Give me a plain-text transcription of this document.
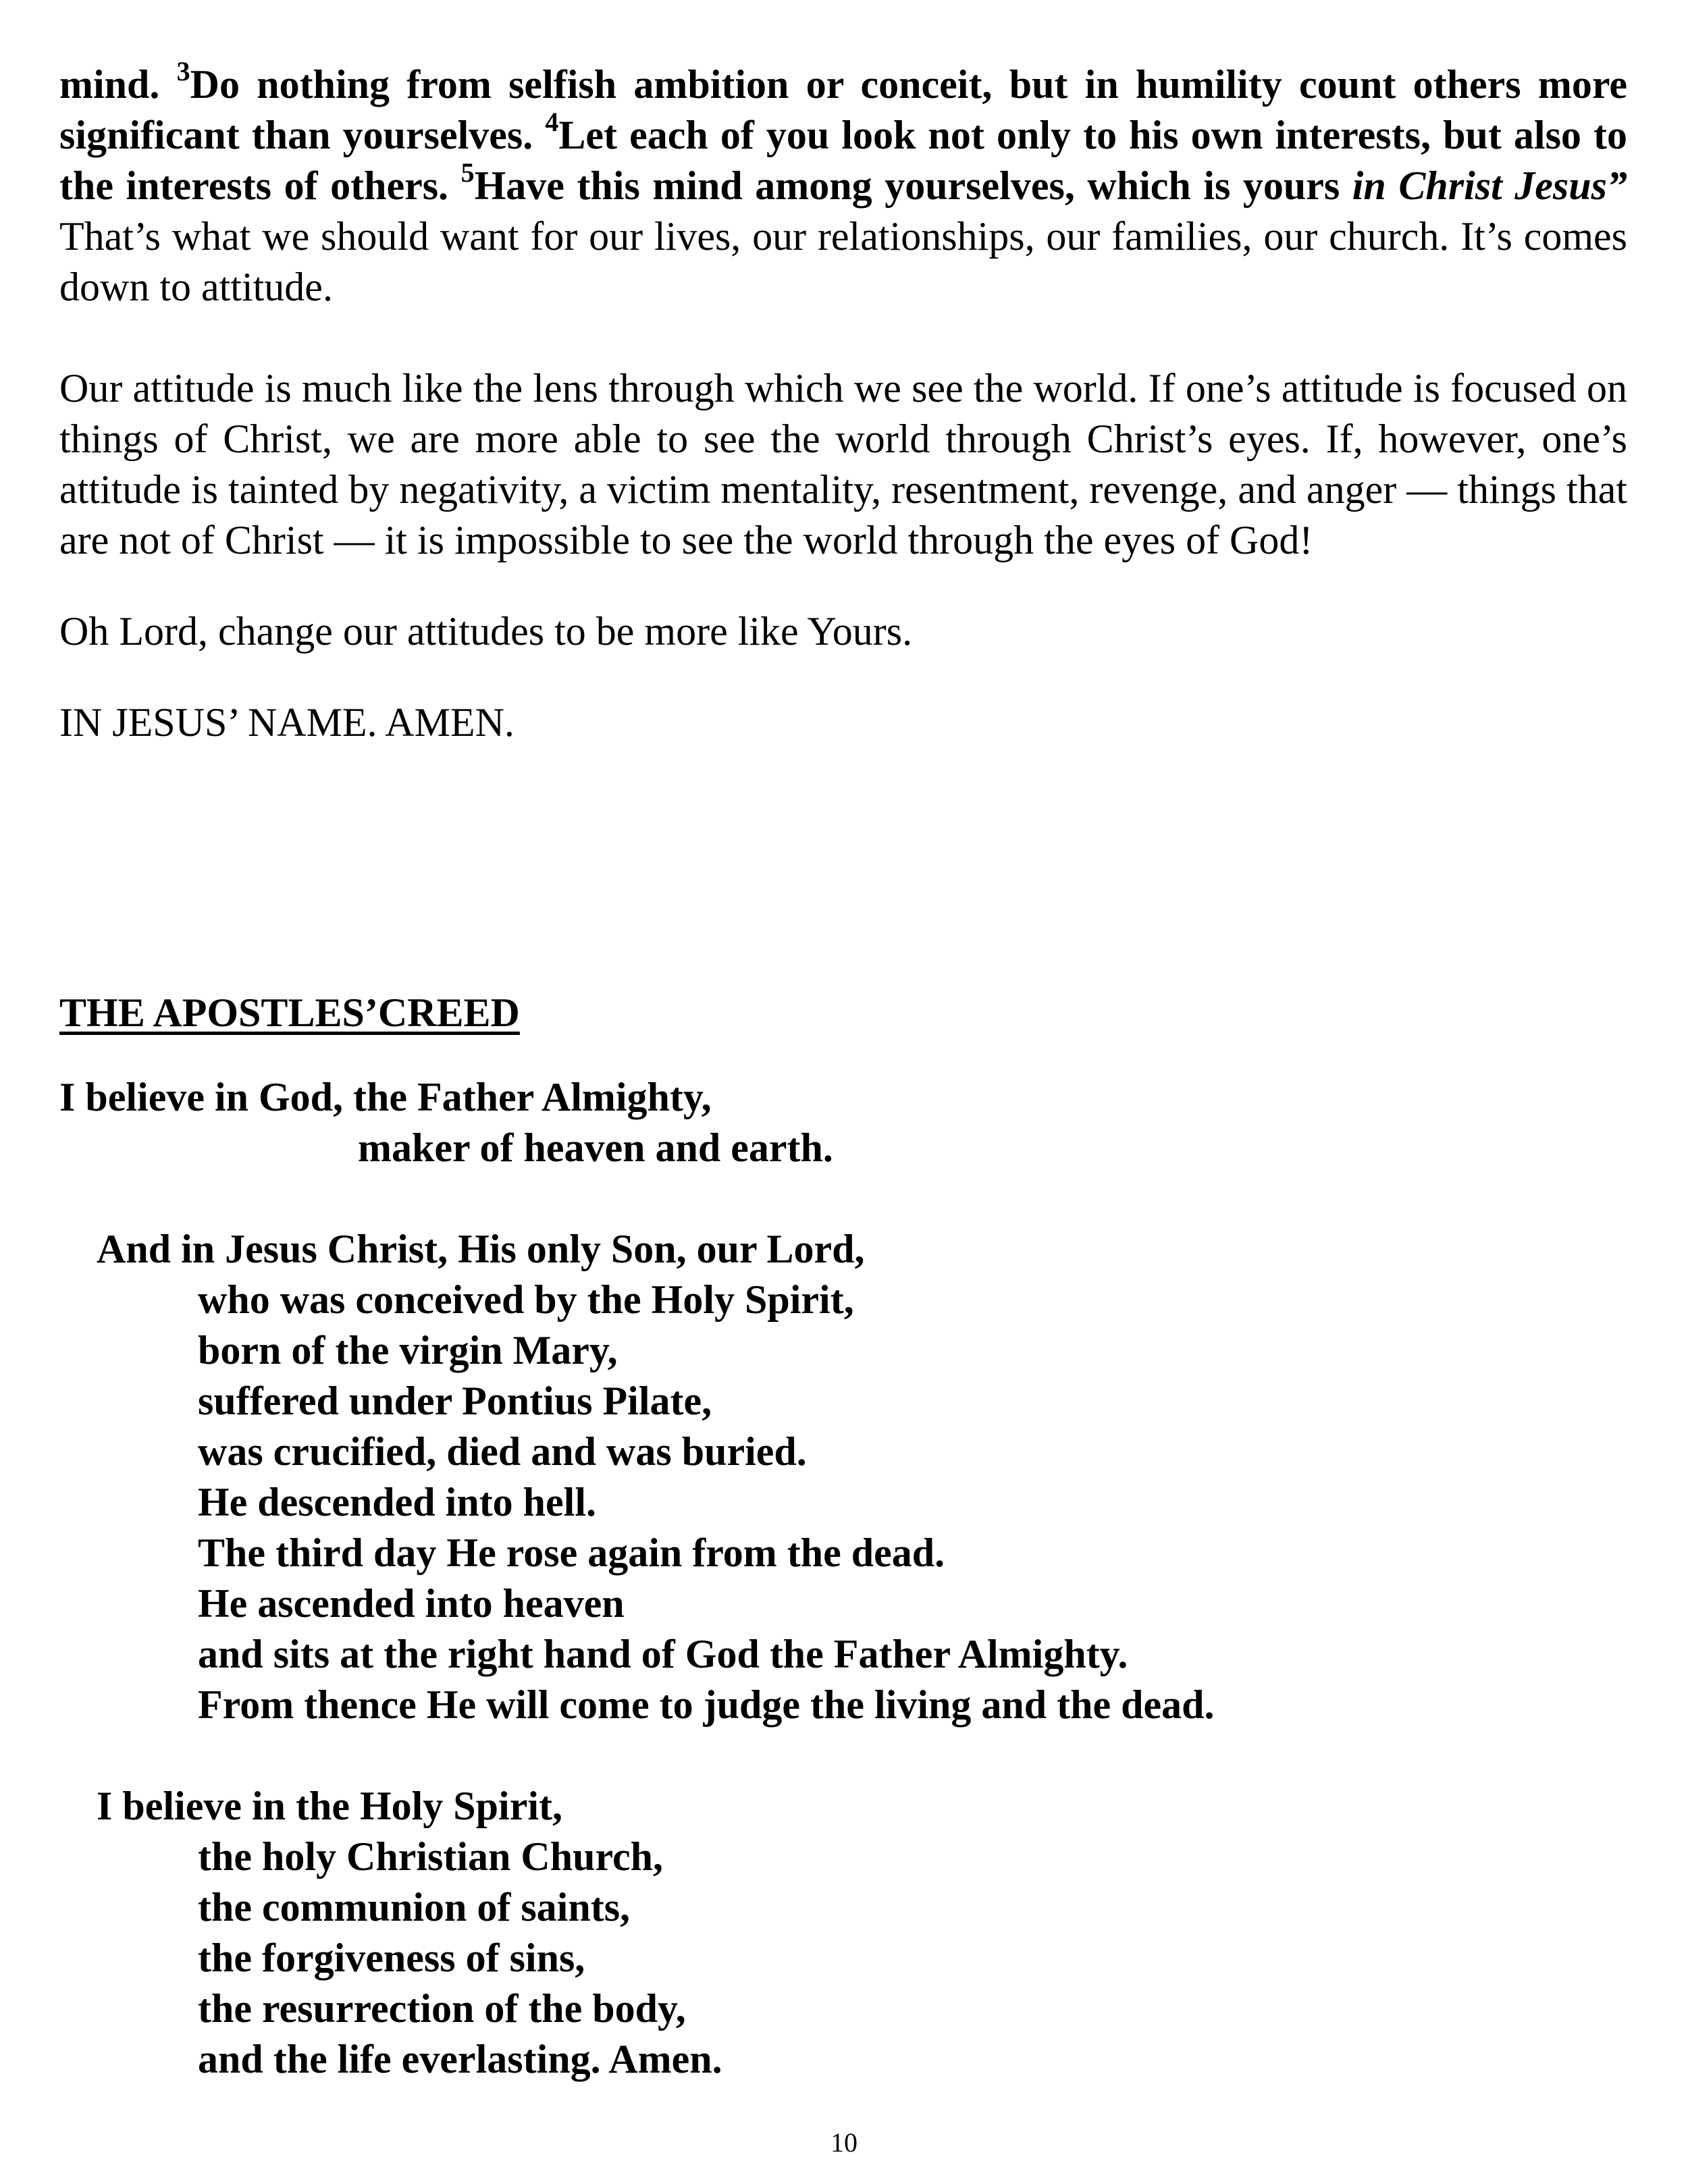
mind. $^3$Do nothing from selfish ambition or conceit, but in humility count others more significant than yourselves. $^4$Let each of you look not only to his own interests, but also to the interests of others. $^5$Have this mind among yourselves, which is yours in Christ Jesus” That’s what we should want for our lives, our relationships, our families, our church. It’s comes down to attitude.

Our attitude is much like the lens through which we see the world. If one’s attitude is focused on things of Christ, we are more able to see the world through Christ’s eyes. If, however, one’s attitude is tainted by negativity, a victim mentality, resentment, revenge, and anger — things that are not of Christ — it is impossible to see the world through the eyes of God!

Oh Lord, change our attitudes to be more like Yours.

IN JESUS’ NAME. AMEN.

THE APOSTLES’CREED
I believe in God, the Father Almighty,
maker of heaven and earth.
And in Jesus Christ, His only Son, our Lord,
who was conceived by the Holy Spirit,
born of the virgin Mary,
suffered under Pontius Pilate,
was crucified, died and was buried.
He descended into hell.
The third day He rose again from the dead.
He ascended into heaven
and sits at the right hand of God the Father Almighty.
From thence He will come to judge the living and the dead.
I believe in the Holy Spirit,
the holy Christian Church,
the communion of saints,
the forgiveness of sins,
the resurrection of the body,
and the life everlasting. Amen.
10
